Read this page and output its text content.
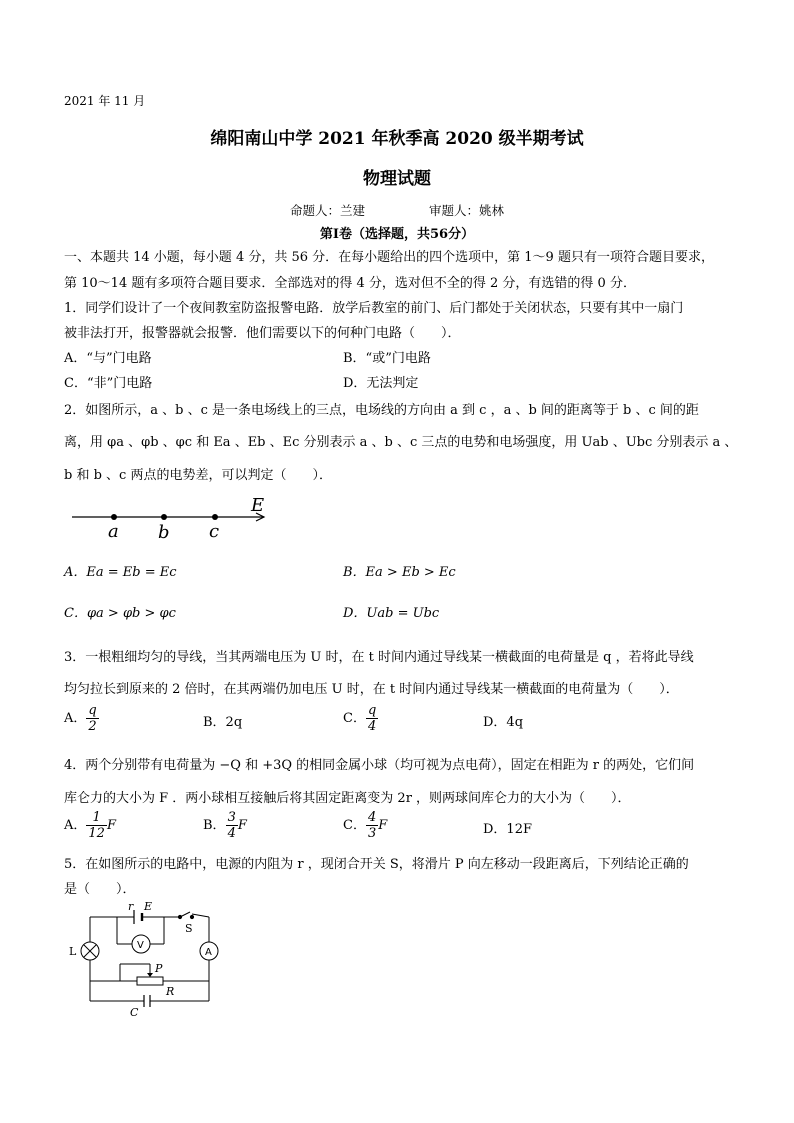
2021 年 11 月
绵阳南山中学 2021 年秋季高 2020 级半期考试
物理试题
命题人：兰建	审题人：姚林
第Ⅰ卷（选择题，共56分）
一、本题共 14 小题，每小题 4 分，共 56 分．在每小题给出的四个选项中，第 1～9 题只有一项符合题目要求，
第 10～14 题有多项符合题目要求．全部选对的得 4 分，选对但不全的得 2 分，有选错的得 0 分．
1．同学们设计了一个夜间教室防盗报警电路．放学后教室的前门、后门都处于关闭状态，只要有其中一扇门
被非法打开，报警器就会报警．他们需要以下的何种门电路（　　）．
A．“与”门电路	B．“或”门电路
C．“非”门电路	D．无法判定
2．如图所示，a 、b 、c 是一条电场线上的三点，电场线的方向由 a 到 c ，a 、b 间的距离等于 b 、c 间的距
离，用 φa 、φb 、φc 和 Ea 、Eb 、Ec 分别表示 a 、b 、c 三点的电势和电场强度，用 Uab 、Ubc 分别表示 a 、
b 和 b 、c 两点的电势差，可以判定（　　）．
a b c
E
A．Ea = Eb = Ec	B．Ea > Eb > Ec
C．φa > φb > φc	D．Uab = Ubc
3．一根粗细均匀的导线，当其两端电压为 U 时，在 t 时间内通过导线某一横截面的电荷量是 q ，若将此导线
均匀拉长到原来的 2 倍时，在其两端仍加电压 U 时，在 t 时间内通过导线某一横截面的电荷量为（　　）．
A． $\frac{q}{2}$	B．2q	C． $\frac{q}{4}$	D．4q
4．两个分别带有电荷量为 −Q 和 +3Q 的相同金属小球（均可视为点电荷），固定在相距为 r 的两处，它们间
库仑力的大小为 F ．两小球相互接触后将其固定距离变为 2r ，则两球间库仑力的大小为（　　）．
A． $\frac{1}{12}$ F	B． $\frac{3}{4}$ F	C． $\frac{4}{3}$ F	D．12F
5．在如图所示的电路中，电源的内阻为 r ，现闭合开关 S，将滑片 P 向左移动一段距离后，下列结论正确的
是（　　）．
r E
S
L	V
A
P
R
C
